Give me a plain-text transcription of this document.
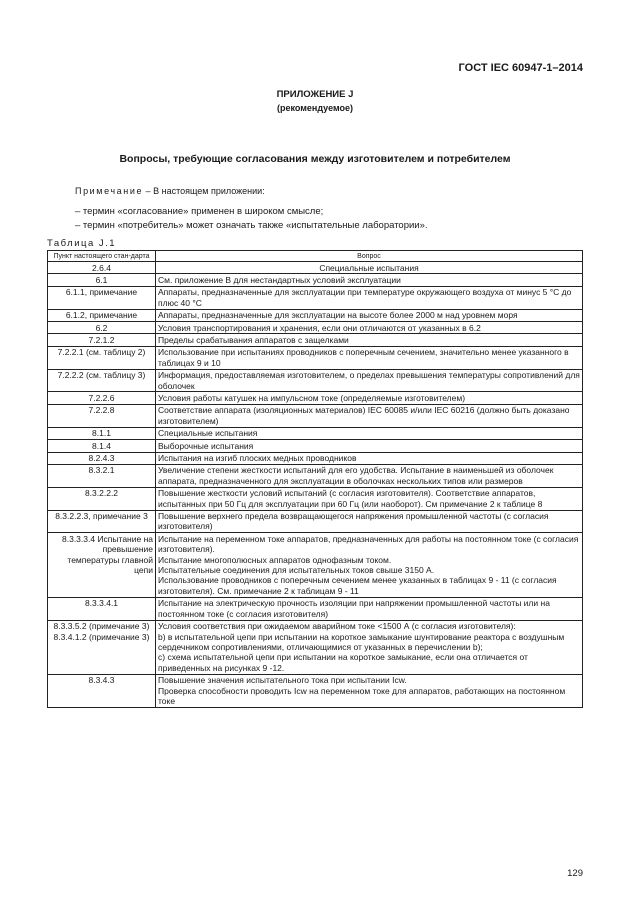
ГОСТ IEC 60947-1–2014
ПРИЛОЖЕНИЕ J
(рекомендуемое)
Вопросы, требующие согласования между изготовителем и потребителем
Примечание – В настоящем приложении:
– термин «согласование» применен в широком смысле;
– термин «потребитель» может означать также «испытательные лаборатории».
Таблица J.1
Пункт настоящего стан-дарта	Вопрос

2.6.4	Специальные испытания

6.1	См. приложение B для нестандартных условий эксплуатации

6.1.1, примечание	Аппараты, предназначенные для эксплуатации при температуре окружающего воздуха от минус 5 °С до плюс 40 °С

6.1.2, примечание	Аппараты, предназначенные для эксплуатации на высоте более 2000 м над уровнем моря

6.2	Условия транспортирования и хранения, если они отличаются от указанных в 6.2

7.2.1.2	Пределы срабатывания аппаратов с защелками

7.2.2.1 (см. таблицу 2)	Использование при испытаниях проводников с поперечным сечением, значительно менее указанного в таблицах 9 и 10

7.2.2.2 (см. таблицу 3)	Информация, предоставляемая изготовителем, о пределах превышения температуры сопротивлений для оболочек

7.2.2.6	Условия работы катушек на импульсном токе (определяемые изготовителем)

7.2.2.8	Соответствие аппарата (изоляционных материалов) IEC 60085 и/или IEC 60216 (должно быть доказано изготовителем)

8.1.1	Специальные испытания

8.1.4	Выборочные испытания

8.2.4.3	Испытания на изгиб плоских медных проводников

8.3.2.1	Увеличение степени жесткости испытаний для его удобства. Испытание в наименьшей из оболочек аппарата, предназначенного для эксплуатации в оболочках нескольких типов или размеров

8.3.2.2.2	Повышение жесткости условий испытаний (с согласия изготовителя). Соответствие аппаратов, испытанных при 50 Гц для эксплуатации при 60 Гц (или наоборот). См примечание 2 к таблице 8

8.3.2.2.3, примечание 3	Повышение верхнего предела возвращающегося напряжения промышленной частоты (с согласия изготовителя)

8.3.3.3.4 Испытание на превышение температуры главной цепи	Испытание на переменном токе аппаратов, предназначенных для работы на постоянном токе (с согласия изготовителя).
Испытание многополюсных аппаратов однофазным током.
Испытательные соединения для испытательных токов свыше 3150 А.
Использование проводников с поперечным сечением менее указанных в таблицах 9 - 11 (с согласия изготовителя). См. примечание 2 к таблицам 9 - 11

8.3.3.4.1	Испытание на электрическую прочность изоляции при напряжении промышленной частоты или на постоянном токе (с согласия изготовителя)

8.3.3.5.2 (примечание 3) 8.3.4.1.2 (примечание 3)	Условия соответствия при ожидаемом аварийном токе <1500 А (с согласия изготовителя):
b) в испытательной цепи при испытании на короткое замыкание шунтирование реактора с воздушным сердечником сопротивлениями, отличающимися от указанных в перечислении b);
c) схема испытательной цепи при испытании на короткое замыкание, если она отличается от приведенных на рисунках 9 -12.

8.3.4.3	Повышение значения испытательного тока при испытании Icw.
Проверка способности проводить Icw на переменном токе для аппаратов, работающих на постоянном токе
129
